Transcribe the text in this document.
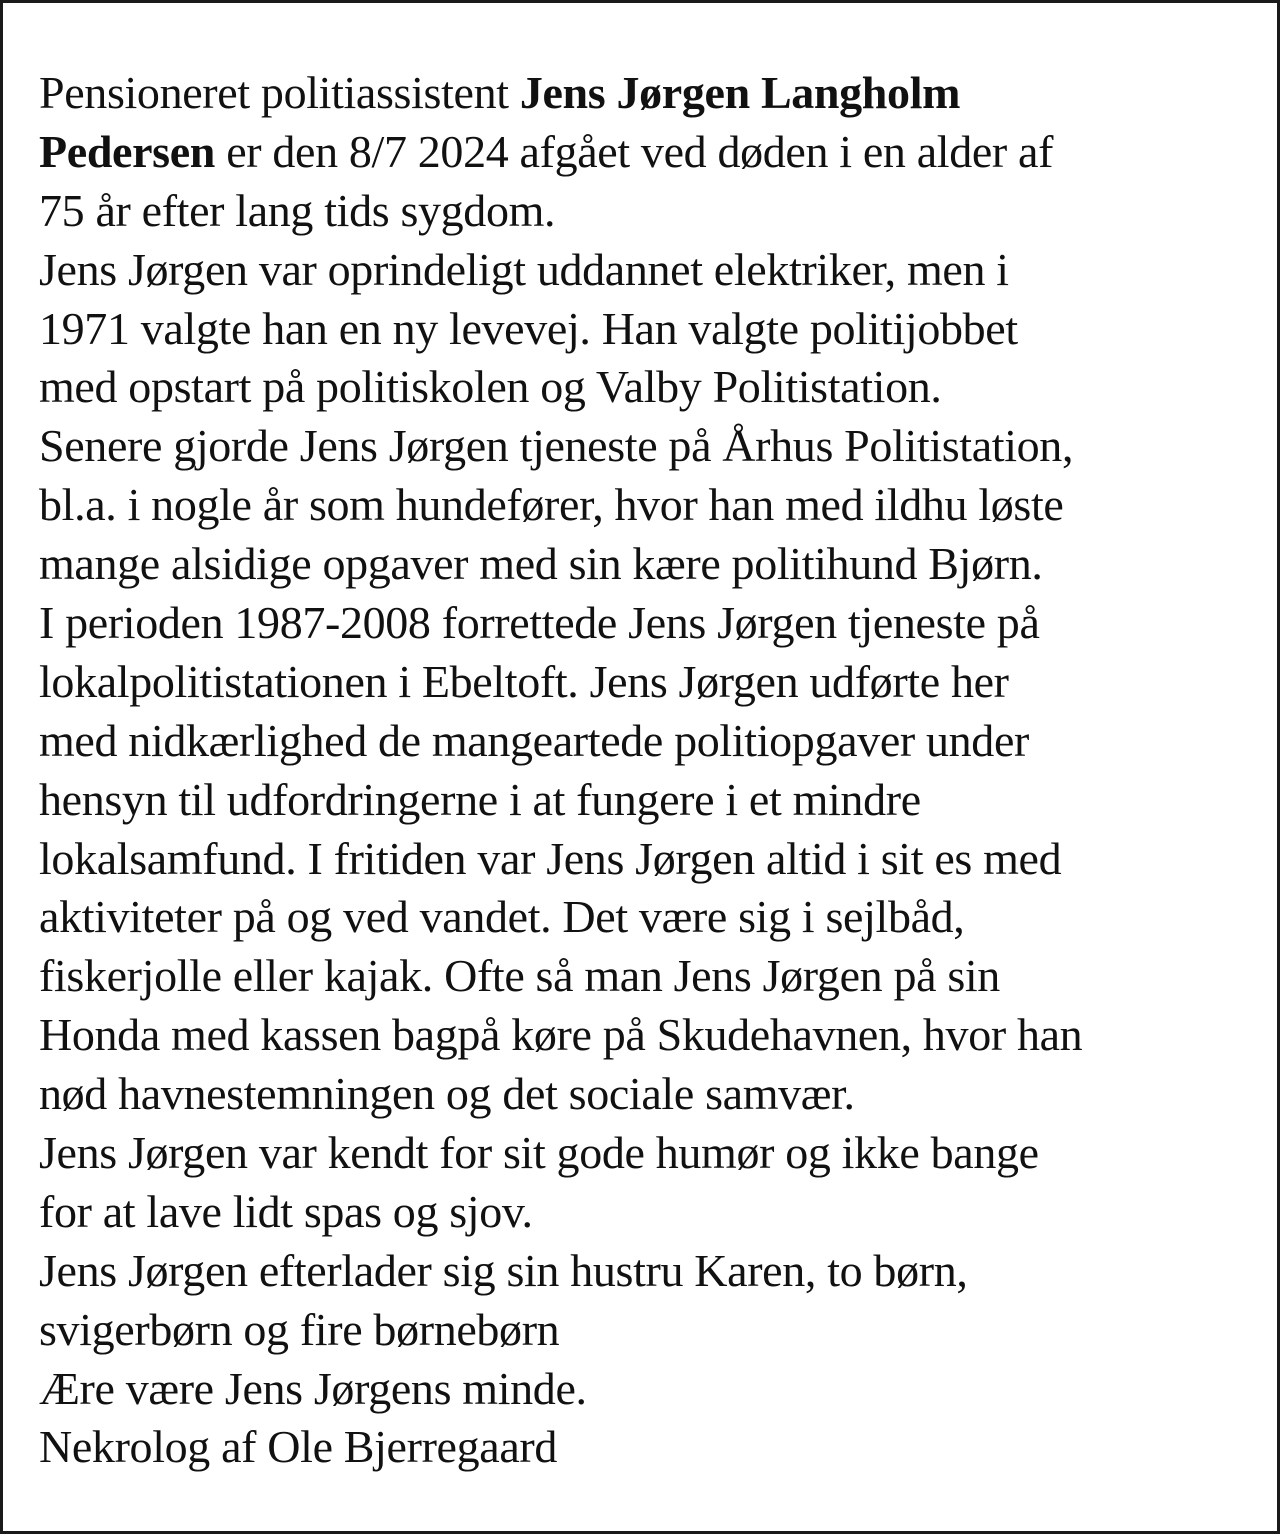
Pensioneret politiassistent Jens Jørgen Langholm
Pedersen er den 8/7 2024 afgået ved døden i en alder af
75 år efter lang tids sygdom.
Jens Jørgen var oprindeligt uddannet elektriker, men i
1971 valgte han en ny levevej. Han valgte politijobbet
med opstart på politiskolen og Valby Politistation.
Senere gjorde Jens Jørgen tjeneste på Århus Politistation,
bl.a. i nogle år som hundefører, hvor han med ildhu løste
mange alsidige opgaver med sin kære politihund Bjørn.
I perioden 1987-2008 forrettede Jens Jørgen tjeneste på
lokalpolitistationen i Ebeltoft. Jens Jørgen udførte her
med nidkærlighed de mangeartede politiopgaver under
hensyn til udfordringerne i at fungere i et mindre
lokalsamfund. I fritiden var Jens Jørgen altid i sit es med
aktiviteter på og ved vandet. Det være sig i sejlbåd,
fiskerjolle eller kajak. Ofte så man Jens Jørgen på sin
Honda med kassen bagpå køre på Skudehavnen, hvor han
nød havnestemningen og det sociale samvær.
Jens Jørgen var kendt for sit gode humør og ikke bange
for at lave lidt spas og sjov.
Jens Jørgen efterlader sig sin hustru Karen, to børn,
svigerbørn og fire børnebørn
Ære være Jens Jørgens minde.
Nekrolog af Ole Bjerregaard
